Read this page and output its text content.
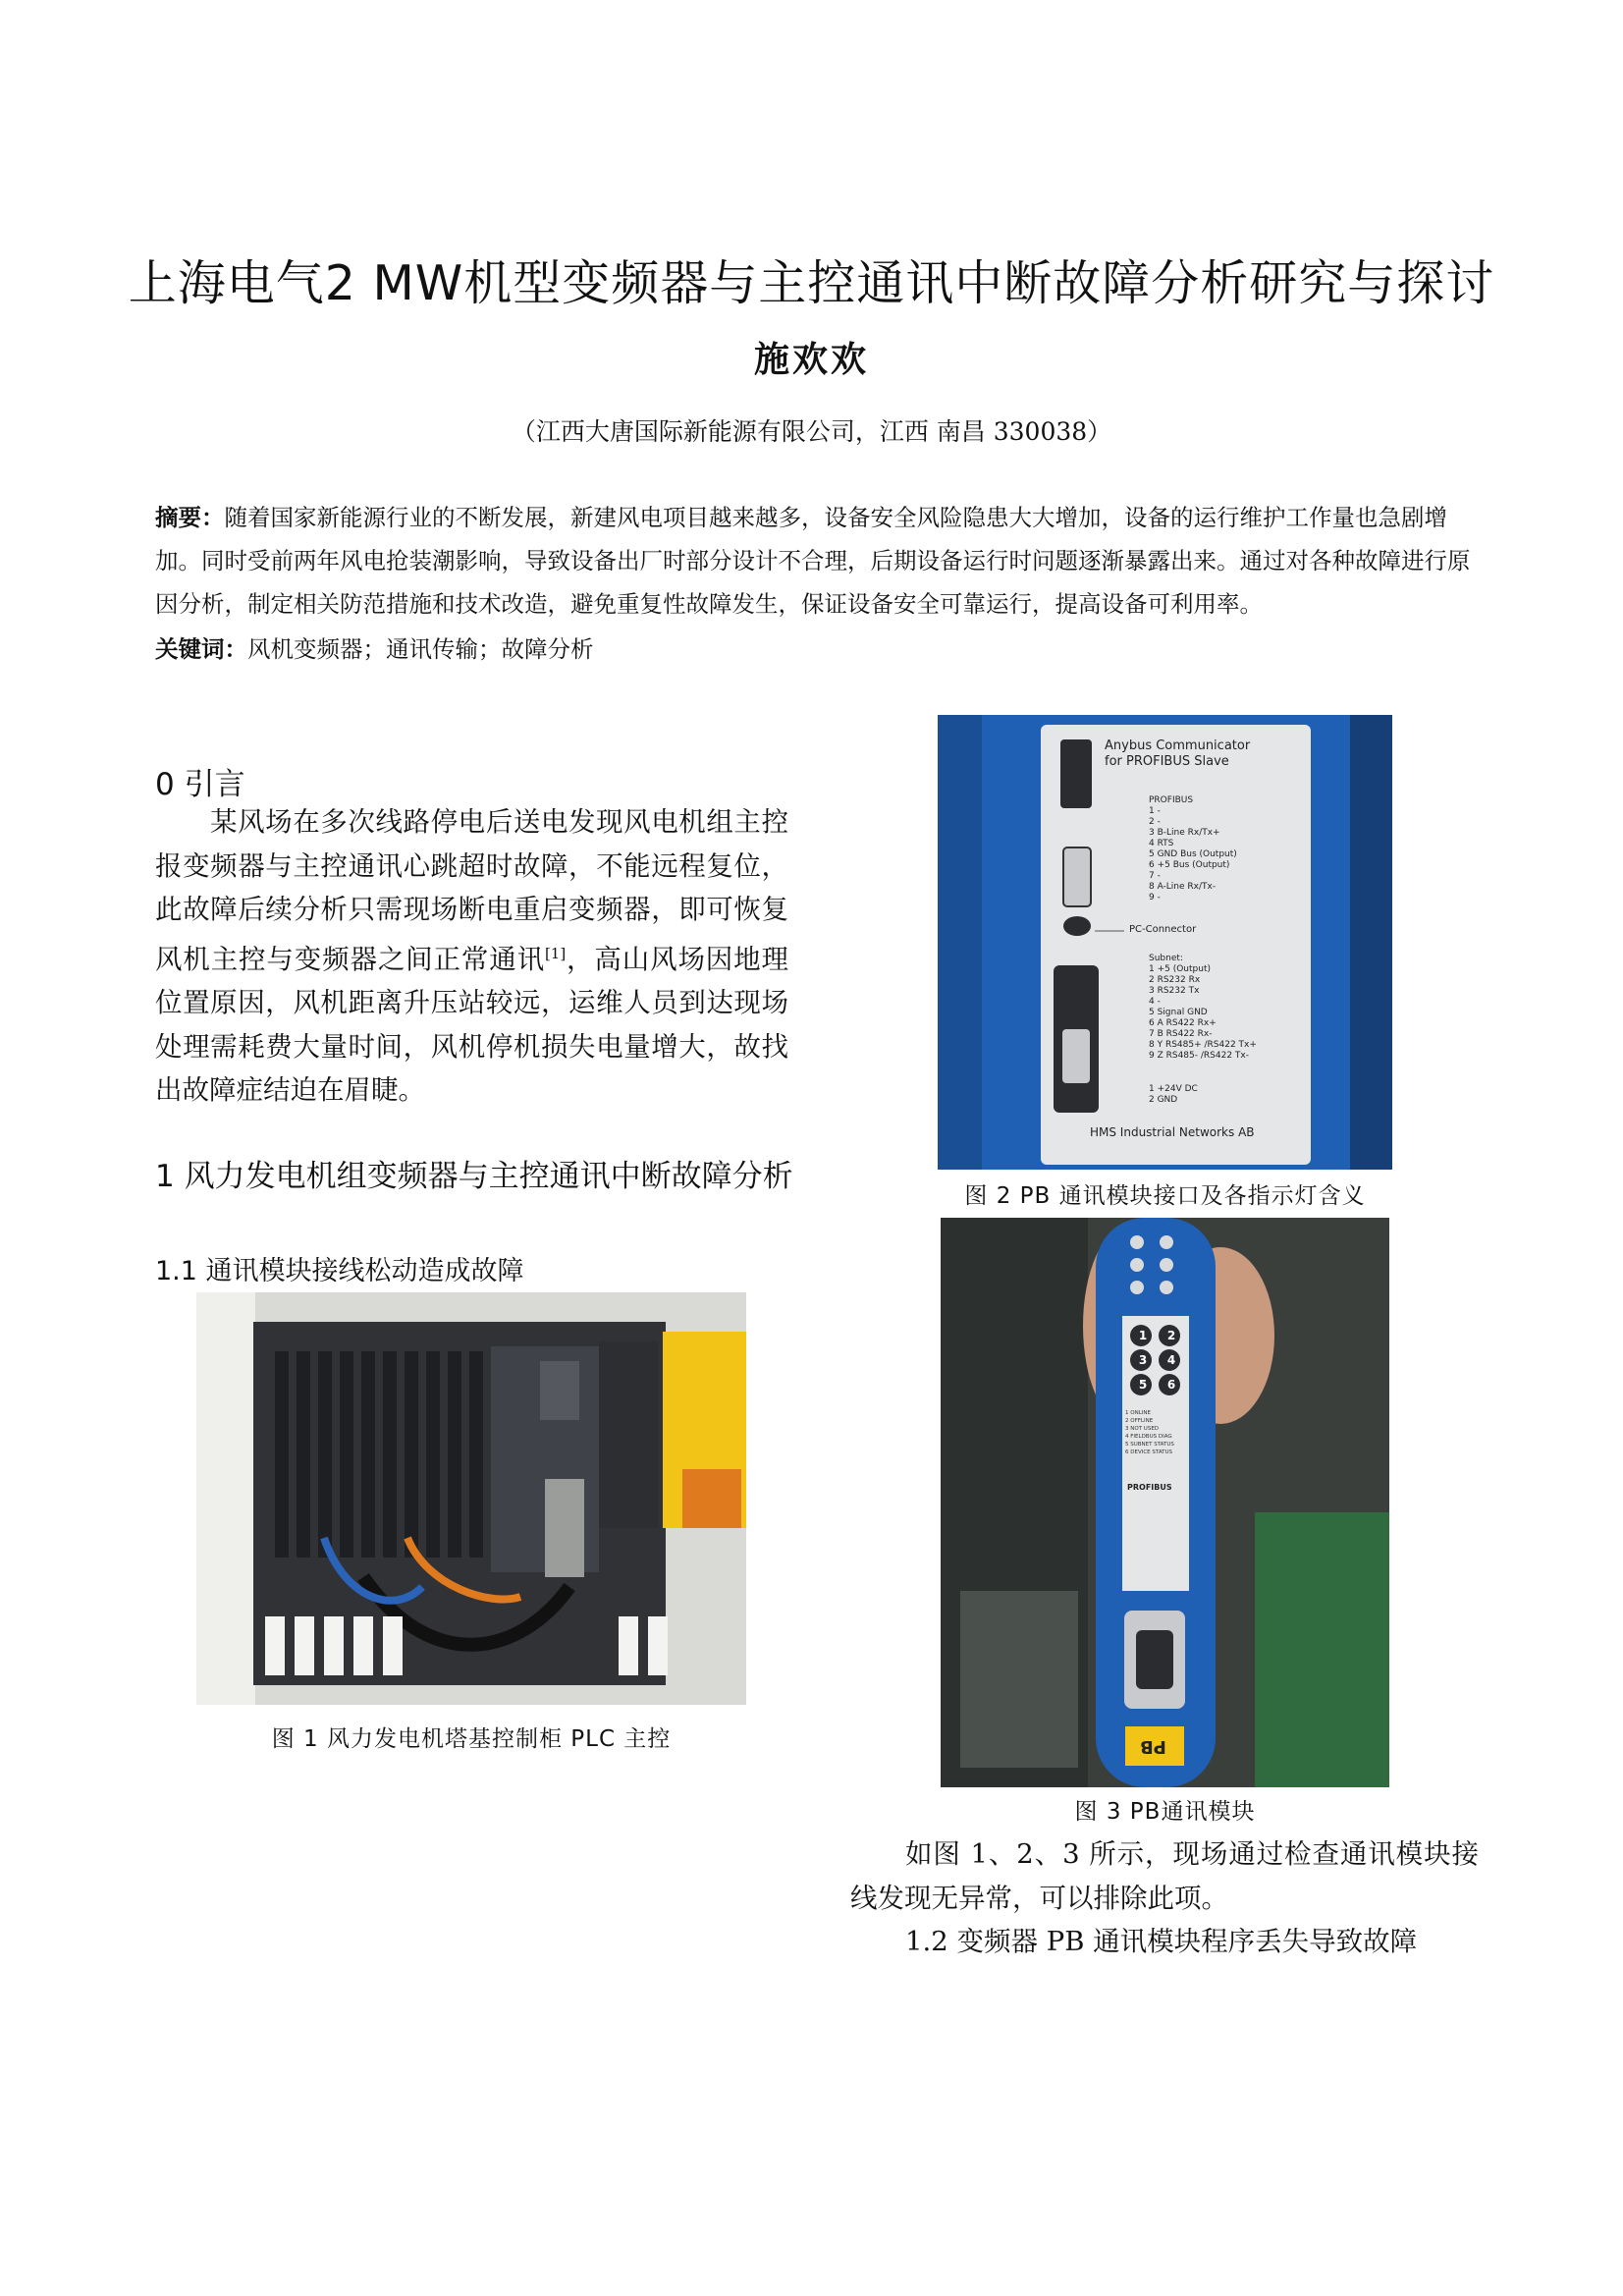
上海电气2 MW机型变频器与主控通讯中断故障分析研究与探讨
施欢欢
（江西大唐国际新能源有限公司，江西 南昌 330038）
摘要：随着国家新能源行业的不断发展，新建风电项目越来越多，设备安全风险隐患大大增加，设备的运行维护工作量也急剧增加。同时受前两年风电抢装潮影响，导致设备出厂时部分设计不合理，后期设备运行时问题逐渐暴露出来。通过对各种故障进行原因分析，制定相关防范措施和技术改造，避免重复性故障发生，保证设备安全可靠运行，提高设备可利用率。
关键词：风机变频器；通讯传输；故障分析
0 引言
某风场在多次线路停电后送电发现风电机组主控报变频器与主控通讯心跳超时故障，不能远程复位，此故障后续分析只需现场断电重启变频器，即可恢复风机主控与变频器之间正常通讯[1]，高山风场因地理位置原因，风机距离升压站较远，运维人员到达现场处理需耗费大量时间，风机停机损失电量增大，故找出故障症结迫在眉睫。
1 风力发电机组变频器与主控通讯中断故障分析
1.1 通讯模块接线松动造成故障
图 1 风力发电机塔基控制柜 PLC 主控
Anybus Communicator
for PROFIBUS Slave
PROFIBUS
1 -
2 -
3 B-Line Rx/Tx+
4 RTS
5 GND Bus (Output)
6 +5 Bus (Output)
7 -
8 A-Line Rx/Tx-
9 -
PC-Connector
Subnet:
1 +5 (Output)
2 RS232 Rx
3 RS232 Tx
4 -
5 Signal GND
6 A RS422 Rx+
7 B RS422 Rx-
8 Y RS485+ /RS422 Tx+
9 Z RS485- /RS422 Tx-
1 +24V DC
2 GND
HMS Industrial Networks AB
图 2 PB 通讯模块接口及各指示灯含义
1 2
3 4
5 6
1 ONLINE
2 OFFLINE
3 NOT USED
4 FIELDBUS DIAG
5 SUBNET STATUS
6 DEVICE STATUS
PROFIBUS
PB
图 3 PB通讯模块
如图 1、2、3 所示，现场通过检查通讯模块接线发现无异常，可以排除此项。
1.2 变频器 PB 通讯模块程序丢失导致故障
